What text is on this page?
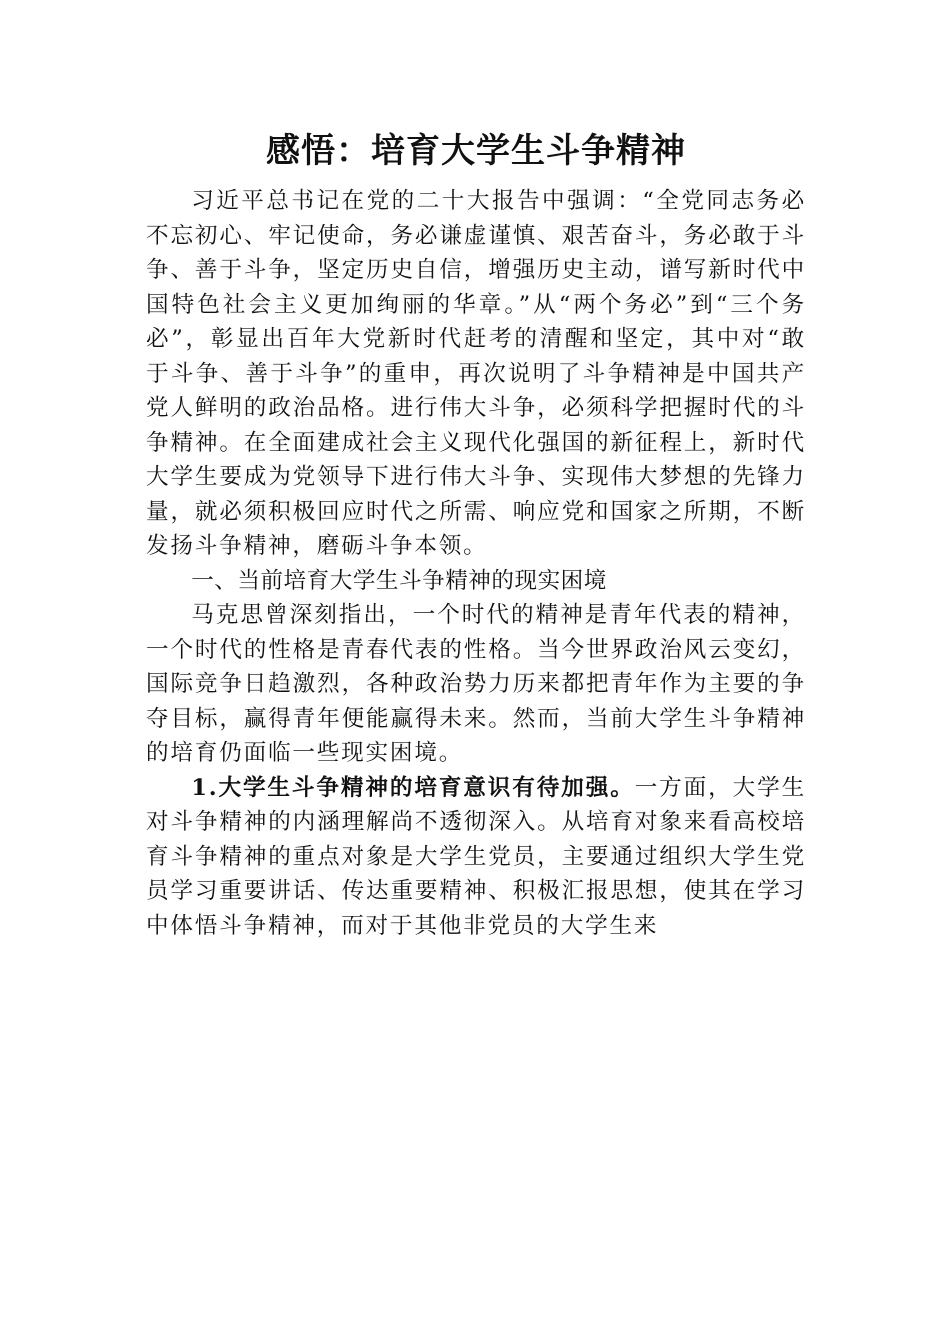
感悟：培育大学生斗争精神

习近平总书记在党的二十大报告中强调：“全党同志务必不忘初心、牢记使命，务必谦虚谨慎、艰苦奋斗，务必敢于斗争、善于斗争，坚定历史自信，增强历史主动，谱写新时代中国特色社会主义更加绚丽的华章。”从“两个务必”到“三个务必”，彰显出百年大党新时代赶考的清醒和坚定，其中对“敢于斗争、善于斗争”的重申，再次说明了斗争精神是中国共产党人鲜明的政治品格。进行伟大斗争，必须科学把握时代的斗争精神。在全面建成社会主义现代化强国的新征程上，新时代大学生要成为党领导下进行伟大斗争、实现伟大梦想的先锋力量，就必须积极回应时代之所需、响应党和国家之所期，不断发扬斗争精神，磨砺斗争本领。

一、当前培育大学生斗争精神的现实困境

马克思曾深刻指出，一个时代的精神是青年代表的精神，一个时代的性格是青春代表的性格。当今世界政治风云变幻，国际竞争日趋激烈，各种政治势力历来都把青年作为主要的争夺目标，赢得青年便能赢得未来。然而，当前大学生斗争精神的培育仍面临一些现实困境。

1.大学生斗争精神的培育意识有待加强。一方面，大学生对斗争精神的内涵理解尚不透彻深入。从培育对象来看高校培育斗争精神的重点对象是大学生党员，主要通过组织大学生党员学习重要讲话、传达重要精神、积极汇报思想，使其在学习中体悟斗争精神，而对于其他非党员的大学生来
